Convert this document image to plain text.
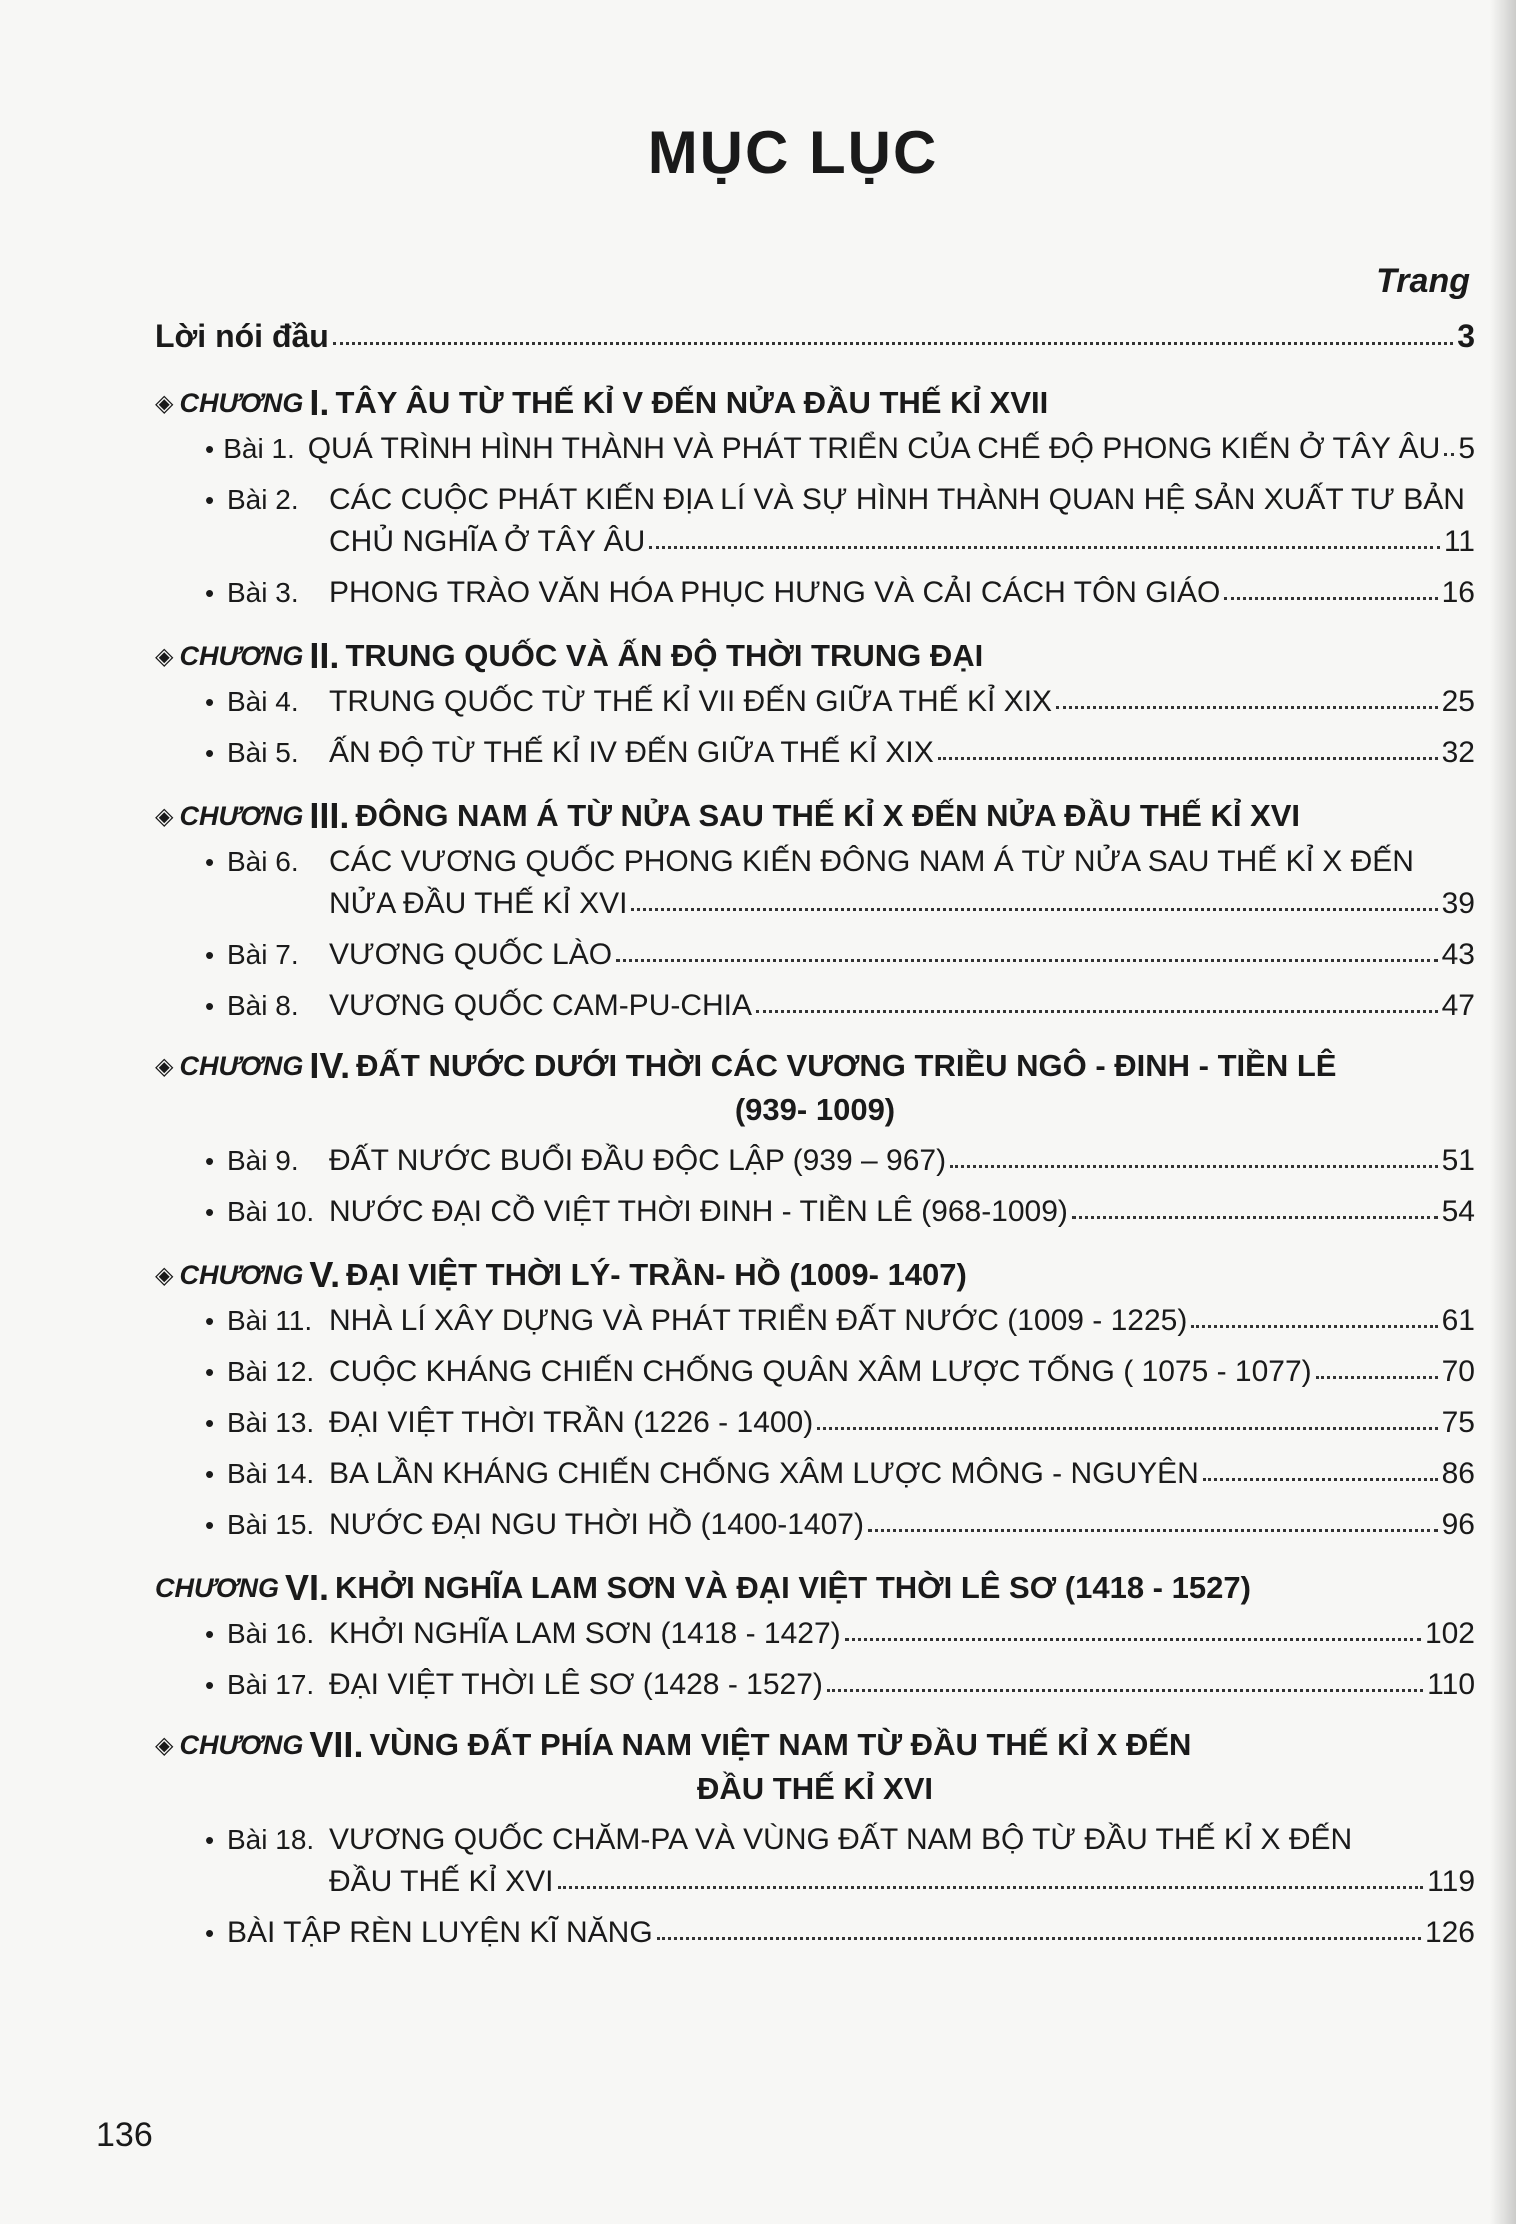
MỤC LỤC
Trang
Lời nói đầu	3
◈ CHƯƠNG I. TÂY ÂU TỪ THẾ KỈ V ĐẾN NỬA ĐẦU THẾ KỈ XVII
• Bài 1. QUÁ TRÌNH HÌNH THÀNH VÀ PHÁT TRIỂN CỦA CHẾ ĐỘ PHONG KIẾN Ở TÂY ÂU 5
• Bài 2.	CÁC CUỘC PHÁT KIẾN ĐỊA LÍ VÀ SỰ HÌNH THÀNH QUAN HỆ SẢN XUẤT TƯ BẢN
CHỦ NGHĨA Ở TÂY ÂU	11
• Bài 3.	PHONG TRÀO VĂN HÓA PHỤC HƯNG VÀ CẢI CÁCH TÔN GIÁO	16
◈ CHƯƠNG II. TRUNG QUỐC VÀ ẤN ĐỘ THỜI TRUNG ĐẠI
• Bài 4.	TRUNG QUỐC TỪ THẾ KỈ VII ĐẾN GIỮA THẾ KỈ XIX	25
• Bài 5.	ẤN ĐỘ TỪ THẾ KỈ IV ĐẾN GIỮA THẾ KỈ XIX	32
◈ CHƯƠNG III. ĐÔNG NAM Á TỪ NỬA SAU THẾ KỈ X ĐẾN NỬA ĐẦU THẾ KỈ XVI
• Bài 6.	CÁC VƯƠNG QUỐC PHONG KIẾN ĐÔNG NAM Á TỪ NỬA SAU THẾ KỈ X ĐẾN
NỬA ĐẦU THẾ KỈ XVI	39
• Bài 7.	VƯƠNG QUỐC LÀO	43
• Bài 8.	VƯƠNG QUỐC CAM-PU-CHIA	47
◈ CHƯƠNG IV. ĐẤT NƯỚC DƯỚI THỜI CÁC VƯƠNG TRIỀU NGÔ - ĐINH - TIỀN LÊ
(939- 1009)
• Bài 9.	ĐẤT NƯỚC BUỔI ĐẦU ĐỘC LẬP (939 – 967)	51
• Bài 10. NƯỚC ĐẠI CỒ VIỆT THỜI ĐINH - TIỀN LÊ (968-1009)	54
◈ CHƯƠNG V. ĐẠI VIỆT THỜI LÝ- TRẦN- HỒ (1009- 1407)
• Bài 11. NHÀ LÍ XÂY DỰNG VÀ PHÁT TRIỂN ĐẤT NƯỚC (1009 - 1225)	61
• Bài 12. CUỘC KHÁNG CHIẾN CHỐNG QUÂN XÂM LƯỢC TỐNG ( 1075 - 1077)	70
• Bài 13. ĐẠI VIỆT THỜI TRẦN (1226 - 1400)	75
• Bài 14. BA LẦN KHÁNG CHIẾN CHỐNG XÂM LƯỢC MÔNG - NGUYÊN	86
• Bài 15. NƯỚC ĐẠI NGU THỜI HỒ (1400-1407)	96
CHƯƠNG VI. KHỞI NGHĨA LAM SƠN VÀ ĐẠI VIỆT THỜI LÊ SƠ (1418 - 1527)
• Bài 16. KHỞI NGHĨA LAM SƠN (1418 - 1427)	102
• Bài 17. ĐẠI VIỆT THỜI LÊ SƠ (1428 - 1527)	110
◈ CHƯƠNG VII. VÙNG ĐẤT PHÍA NAM VIỆT NAM TỪ ĐẦU THẾ KỈ X ĐẾN
ĐẦU THẾ KỈ XVI
• Bài 18. VƯƠNG QUỐC CHĂM-PA VÀ VÙNG ĐẤT NAM BỘ TỪ ĐẦU THẾ KỈ X ĐẾN
ĐẦU THẾ KỈ XVI	119
• BÀI TẬP RÈN LUYỆN KĨ NĂNG	126
136
